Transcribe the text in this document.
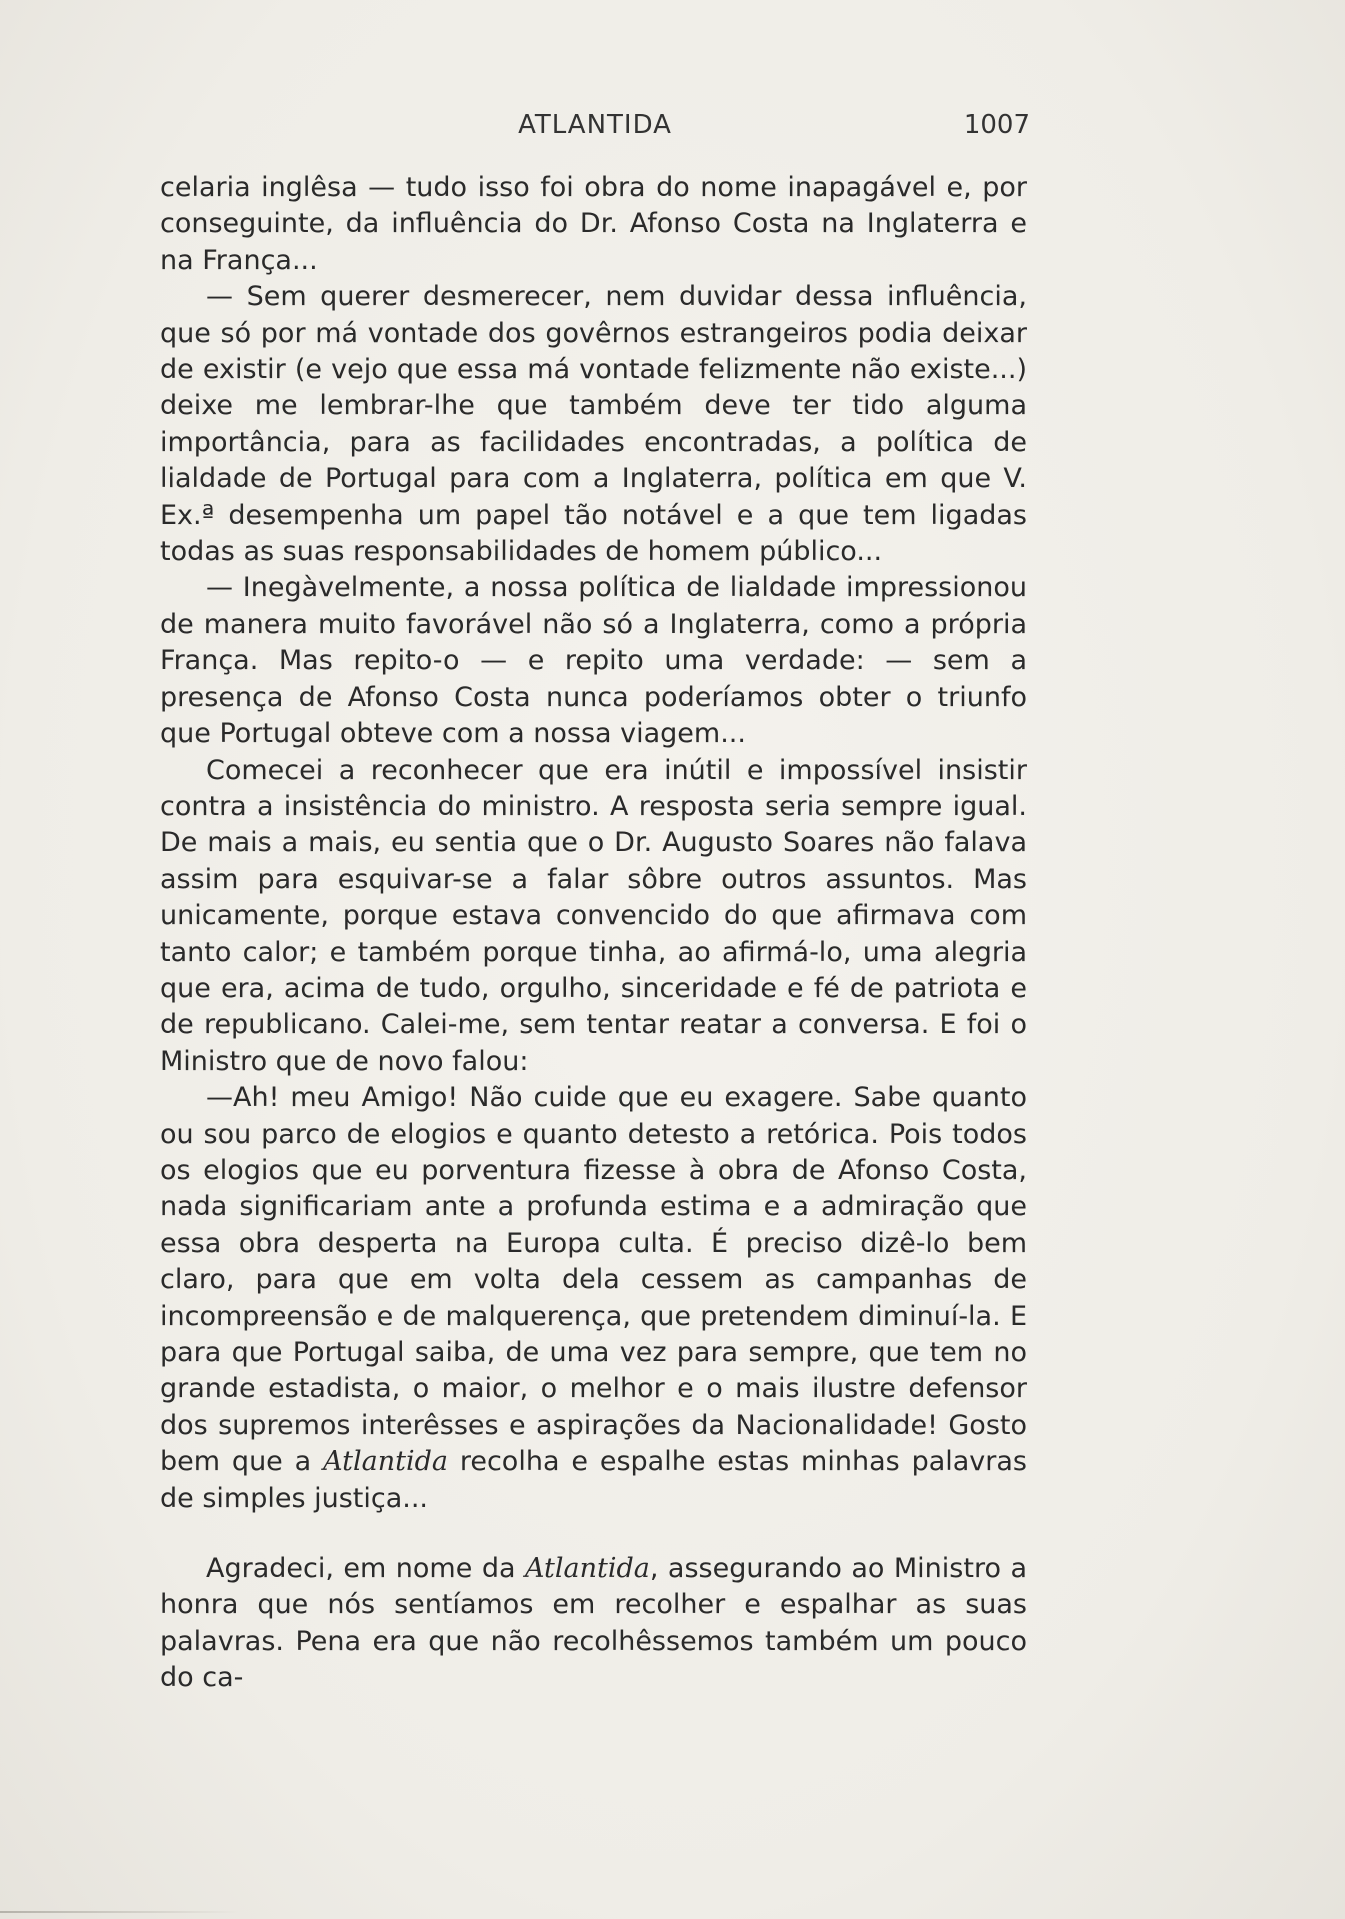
ATLANTIDA	1007

celaria inglêsa — tudo isso foi obra do nome inapagável e, por conseguinte, da influência do Dr. Afonso Costa na Inglaterra e na França...

— Sem querer desmerecer, nem duvidar dessa influência, que só por má vontade dos govêrnos estrangeiros podia deixar de existir (e vejo que essa má vontade felizmente não existe...) deixe me lembrar-lhe que também deve ter tido alguma importância, para as facilidades encontradas, a política de lialdade de Portugal para com a Inglaterra, política em que V. Ex.ª desempenha um papel tão notável e a que tem ligadas todas as suas responsabilidades de homem público...

— Inegàvelmente, a nossa política de lialdade impressionou de manera muito favorável não só a Inglaterra, como a própria França. Mas repito-o — e repito uma verdade: — sem a presença de Afonso Costa nunca poderíamos obter o triunfo que Portugal obteve com a nossa viagem...

Comecei a reconhecer que era inútil e impossível insistir contra a insistência do ministro. A resposta seria sempre igual. De mais a mais, eu sentia que o Dr. Augusto Soares não falava assim para esquivar-se a falar sôbre outros assuntos. Mas unicamente, porque estava convencido do que afirmava com tanto calor; e também porque tinha, ao afirmá-lo, uma alegria que era, acima de tudo, orgulho, sinceridade e fé de patriota e de republicano. Calei-me, sem tentar reatar a conversa. E foi o Ministro que de novo falou:

—Ah! meu Amigo! Não cuide que eu exagere. Sabe quanto ou sou parco de elogios e quanto detesto a retórica. Pois todos os elogios que eu porventura fizesse à obra de Afonso Costa, nada significariam ante a profunda estima e a admiração que essa obra desperta na Europa culta. É preciso dizê-lo bem claro, para que em volta dela cessem as campanhas de incompreensão e de malquerença, que pretendem diminuí-la. E para que Portugal saiba, de uma vez para sempre, que tem no grande estadista, o maior, o melhor e o mais ilustre defensor dos supremos interêsses e aspirações da Nacionalidade! Gosto bem que a Atlantida recolha e espalhe estas minhas palavras de simples justiça...

Agradeci, em nome da Atlantida, assegurando ao Ministro a honra que nós sentíamos em recolher e espalhar as suas palavras. Pena era que não recolhêssemos também um pouco do ca-
